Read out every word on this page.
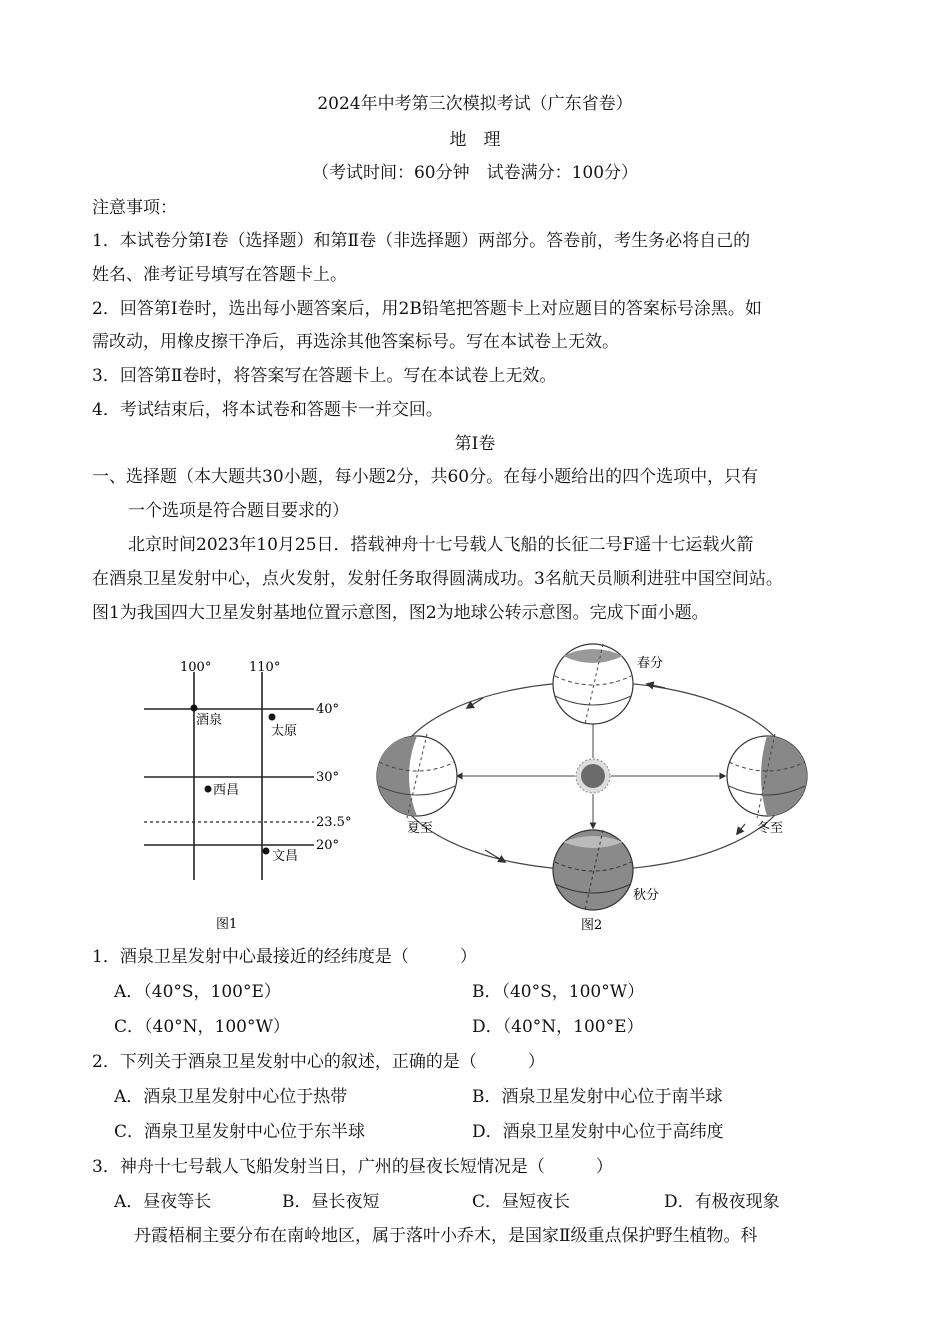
2024年中考第三次模拟考试（广东省卷）
地　理
（考试时间：60分钟　试卷满分：100分）
注意事项：
1．本试卷分第Ⅰ卷（选择题）和第Ⅱ卷（非选择题）两部分。答卷前，考生务必将自己的
姓名、准考证号填写在答题卡上。
2．回答第Ⅰ卷时，选出每小题答案后，用2B铅笔把答题卡上对应题目的答案标号涂黑。如
需改动，用橡皮擦干净后，再选涂其他答案标号。写在本试卷上无效。
3．回答第Ⅱ卷时，将答案写在答题卡上。写在本试卷上无效。
4．考试结束后，将本试卷和答题卡一并交回。
第Ⅰ卷
一、选择题（本大题共30小题，每小题2分，共60分。在每小题给出的四个选项中，只有
一个选项是符合题目要求的）
北京时间2023年10月25日．搭载神舟十七号载人飞船的长征二号F遥十七运载火箭
在酒泉卫星发射中心，点火发射，发射任务取得圆满成功。3名航天员顺利进驻中国空间站。
图1为我国四大卫星发射基地位置示意图，图2为地球公转示意图。完成下面小题。
100°	110°
40°
30°
23.5°
20°
酒泉
太原
西昌
文昌
图1
春分
夏至	冬至
秋分
图2
1．酒泉卫星发射中心最接近的经纬度是（　　　）
A．（40°S，100°E）	B．（40°S，100°W）
C．（40°N，100°W）	D．（40°N，100°E）
2．下列关于酒泉卫星发射中心的叙述，正确的是（　　　）
A．酒泉卫星发射中心位于热带	B．酒泉卫星发射中心位于南半球
C．酒泉卫星发射中心位于东半球	D．酒泉卫星发射中心位于高纬度
3．神舟十七号载人飞船发射当日，广州的昼夜长短情况是（　　　）
A．昼夜等长	B．昼长夜短	C．昼短夜长	D．有极夜现象
丹霞梧桐主要分布在南岭地区，属于落叶小乔木，是国家Ⅱ级重点保护野生植物。科
